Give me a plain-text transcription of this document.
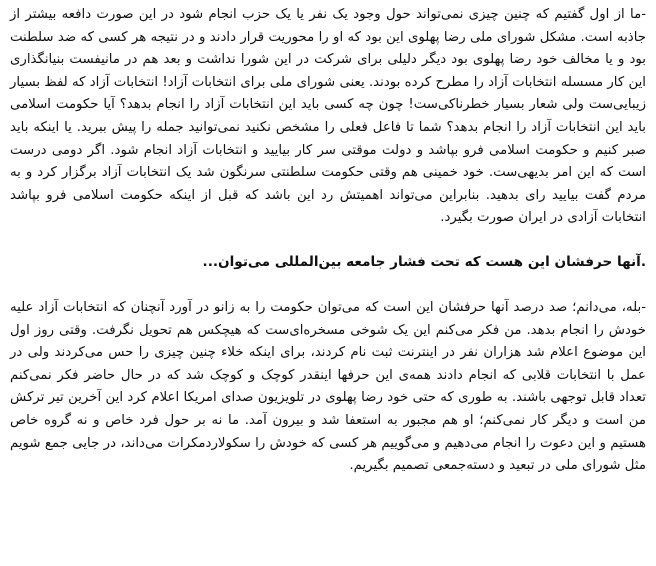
-ما از اول گفتیم که چنین چیزی نمی‌تواند حول وجود یک نفر یا یک حزب انجام شود در این صورت دافعه بیشتر از جاذبه است. مشکل شورای ملی رضا پهلوی این بود که او را محوریت قرار دادند و در نتیجه هر کسی که ضد سلطنت بود و یا مخالف خود رضا پهلوی بود دیگر دلیلی برای شرکت در این شورا نداشت و بعد هم در مانیفست بنیانگذاری این کار مسسله انتخابات آزاد را مطرح کرده بودند. یعنی شورای ملی برای انتخابات آزاد! انتخابات آزاد که لفظ بسیار زیبایی‌ست ولی شعار بسیار خطرناکی‌ست! چون چه کسی باید این انتخابات آزاد را انجام بدهد؟ آیا حکومت اسلامی باید این انتخابات آزاد را انجام بدهد؟ شما تا فاعل فعلی را مشخص نکنید نمی‌توانید جمله را پیش ببرید. یا اینکه باید صبر کنیم و حکومت اسلامی فرو بپاشد و دولت موقتی سر کار بیایید و انتخابات آزاد انجام شود. اگر دومی درست است که این امر بدیهی‌ست. خود خمینی هم وقتی حکومت سلطنتی سرنگون شد یک انتخابات آزاد برگزار کرد و به مردم گفت بیایید رای بدهید. بنابراین می‌تواند اهمیتش رد این باشد که قبل از اینکه حکومت اسلامی فرو بپاشد انتخابات آزادی در ایران صورت بگیرد.

.آنها حرفشان این هست که تحت فشار جامعه بین‌المللی می‌توان...

-بله، می‌دانم؛ صد درصد آنها حرفشان این است که می‌توان حکومت را به زانو در آورد آنچنان که انتخابات آزاد علیه خودش را انجام بدهد. من فکر می‌کنم این یک شوخی مسخره‌ای‌ست که هیچکس هم تحویل نگرفت. وقتی روز اول این موضوع اعلام شد هزاران نفر در اینترنت ثبت نام کردند، برای اینکه خلاء چنین چیزی را حس می‌کردند ولی در عمل با انتخابات قلابی که انجام دادند همه‌ی این حرفها اینقدر کوچک و کوچک شد که در حال حاضر فکر نمی‌کنم تعداد قابل توجهی باشند. به طوری که حتی خود رضا پهلوی در تلویزیون صدای امریکا اعلام کرد این آخرین تیر ترکش من است و دیگر کار نمی‌کنم؛ او هم مجبور به استعفا شد و بیرون آمد. ما نه بر حول فرد خاص و نه گروه خاص هستیم و این دعوت را انجام می‌دهیم و می‌گوییم هر کسی که خودش را سکولاردمکرات می‌داند، در جایی جمع شویم مثل شورای ملی در تبعید و دسته‌جمعی تصمیم بگیریم.
